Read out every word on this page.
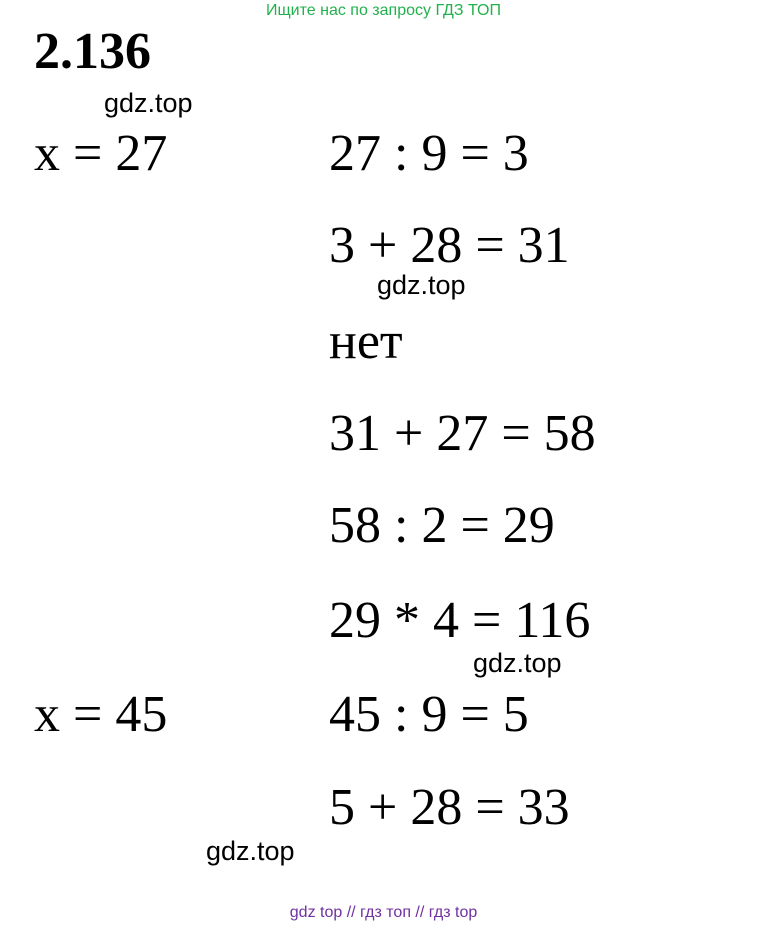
Ищите нас по запросу ГДЗ ТОП
2.136
gdz.top
x = 27	27 : 9 = 3
3 + 28 = 31
gdz.top
нет
31 + 27 = 58
58 : 2 = 29
29 * 4 = 116
gdz.top
x = 45	45 : 9 = 5
5 + 28 = 33
gdz.top
gdz top // гдз топ // гдз top
